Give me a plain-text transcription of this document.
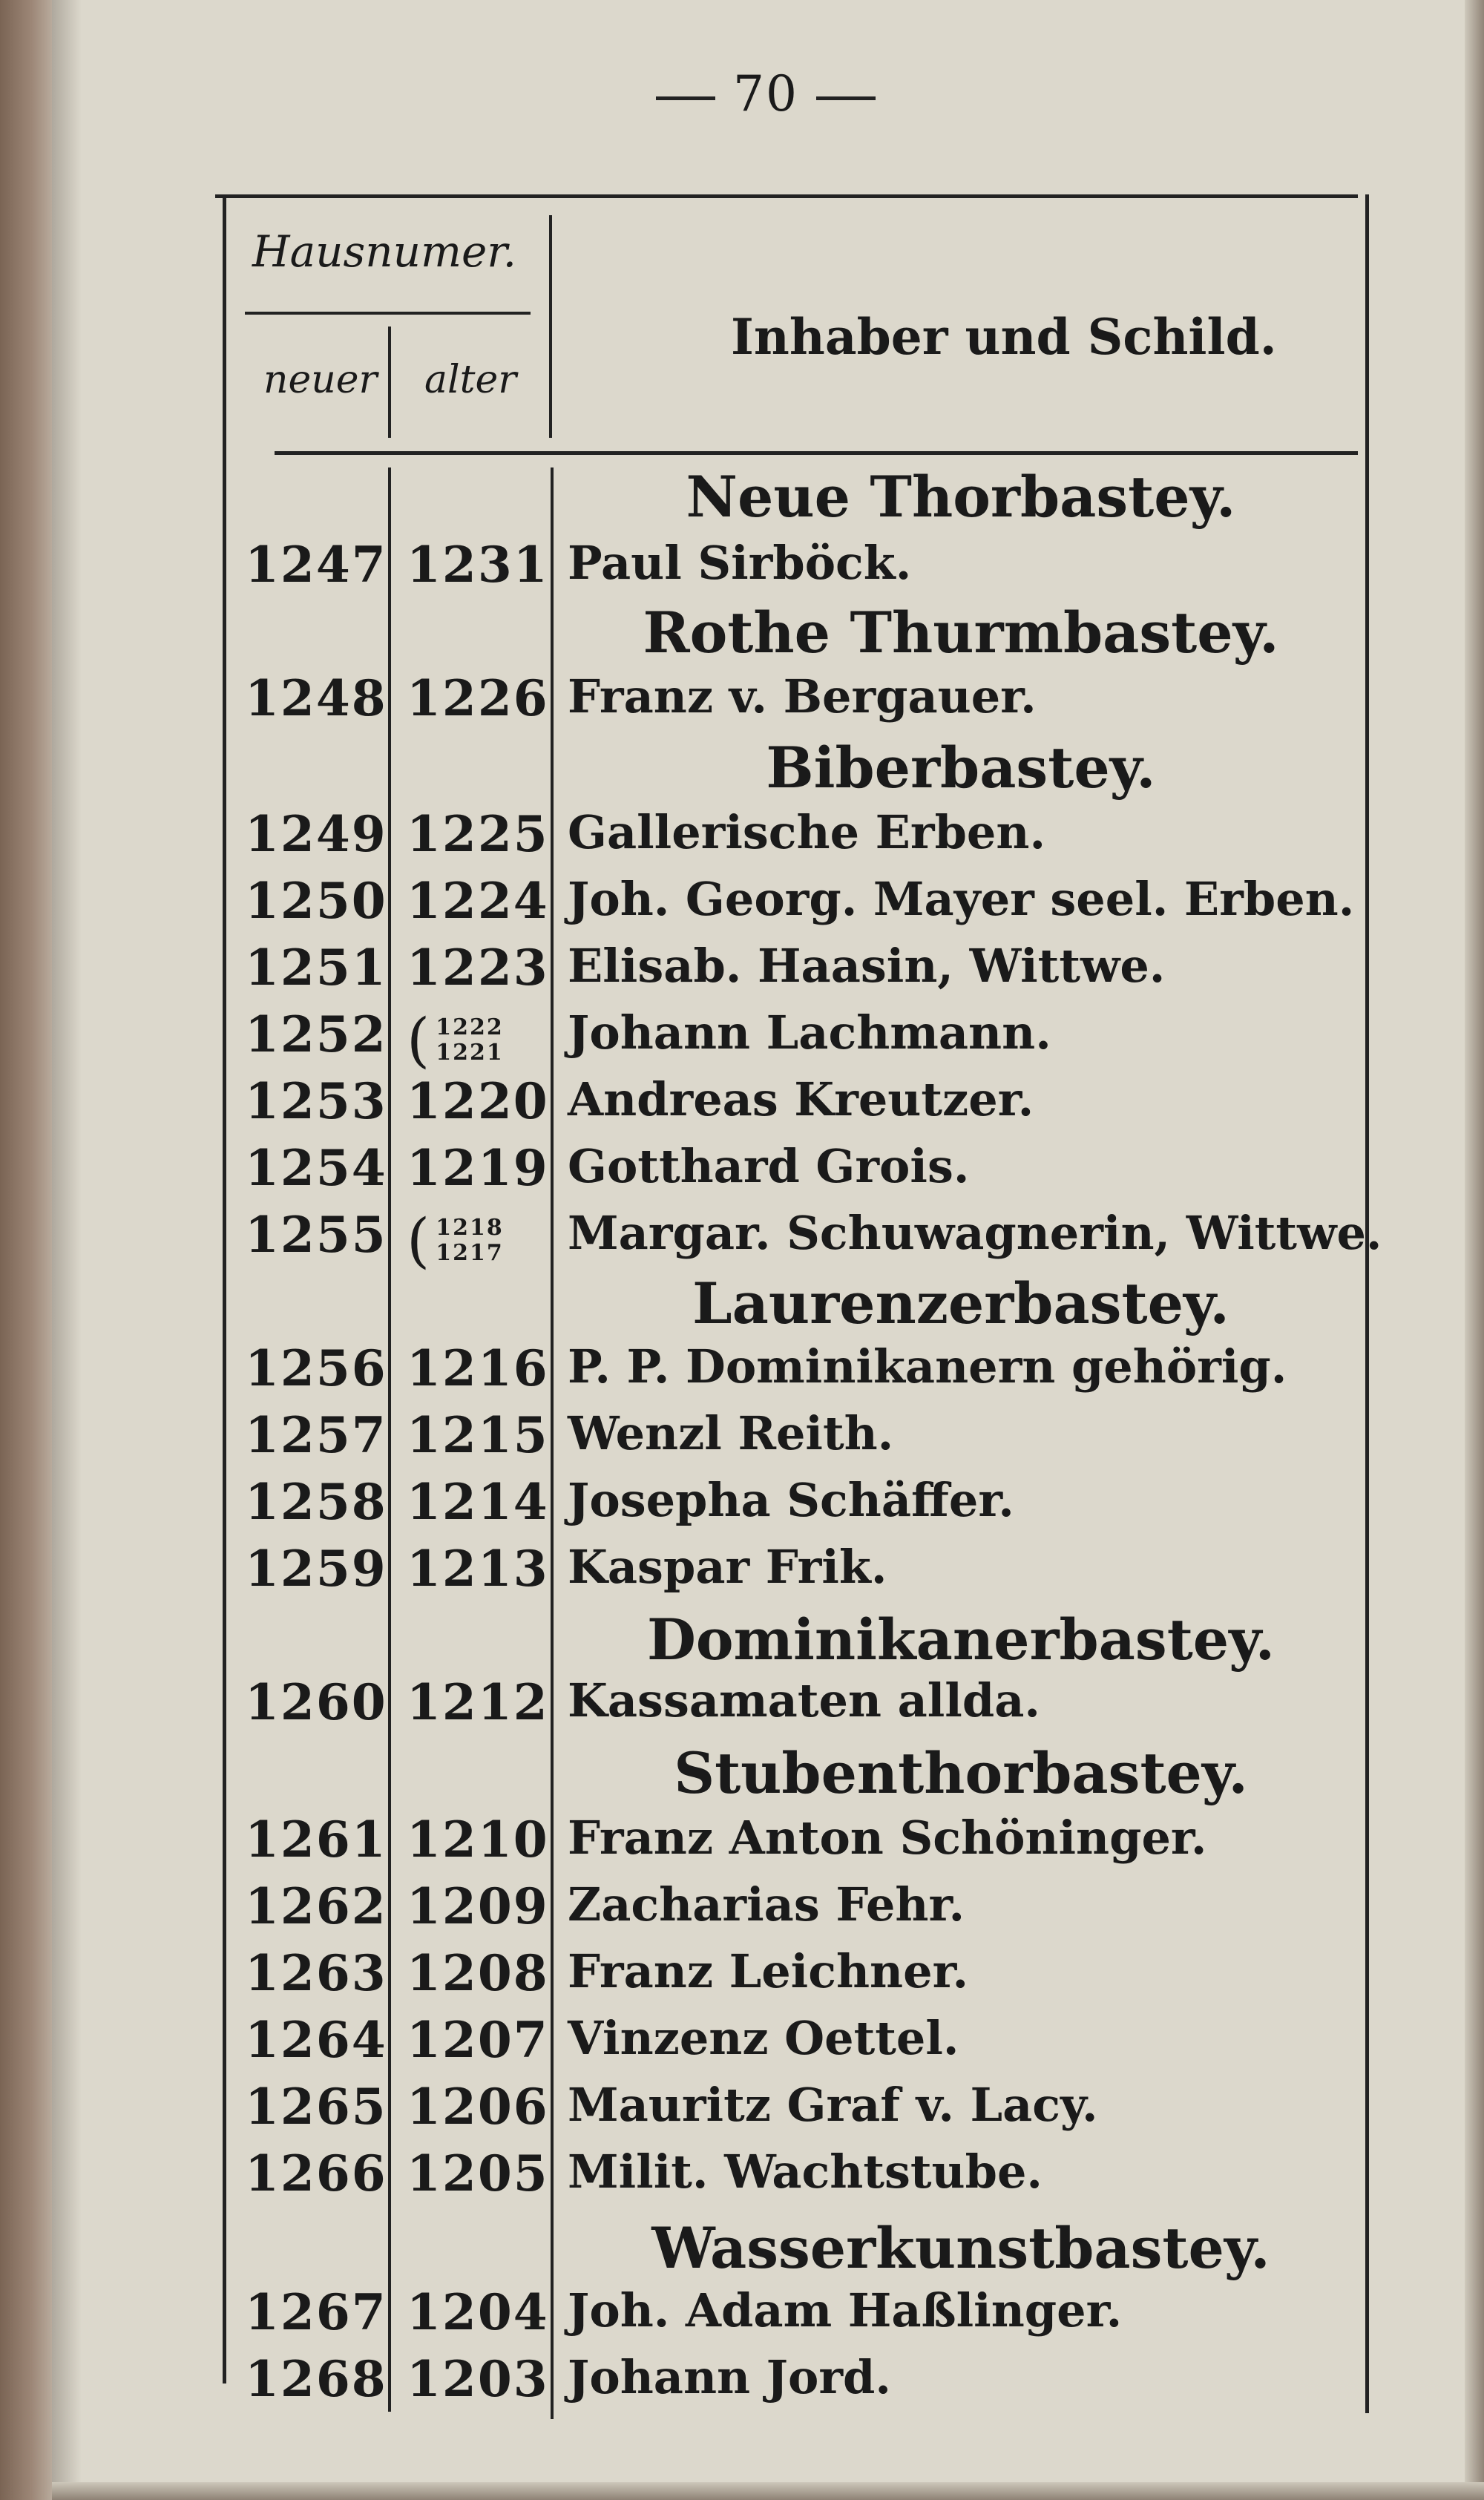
70
Hausnumer.
neuer alter
Inhaber und Schild.
Neue Thorbastey.
1247 1231 Paul Sirböck.
Rothe Thurmbastey.
1248 1226 Franz v. Bergauer.
Biberbastey.
1249 1225 Gallerische Erben.
1250 1224 Joh. Georg. Mayer seel. Erben.
1251 1223 Elisab. Haasin, Wittwe.
1252 ( 1222
1221	Johann Lachmann.
1253 1220 Andreas Kreutzer.
1254 1219 Gotthard Grois.
1255 ( 1218
1217	Margar. Schuwagnerin, Wittwe.
Laurenzerbastey.
1256 1216 P. P. Dominikanern gehörig.
1257 1215 Wenzl Reith.
1258 1214 Josepha Schäffer.
1259 1213 Kaspar Frik.
Dominikanerbastey.
1260 1212 Kassamaten allda.
Stubenthorbastey.
1261 1210 Franz Anton Schöninger.
1262 1209 Zacharias Fehr.
1263 1208 Franz Leichner.
1264 1207 Vinzenz Oettel.
1265 1206 Mauritz Graf v. Lacy.
1266 1205 Milit. Wachtstube.
Wasserkunstbastey.
1267 1204 Joh. Adam Haßlinger.
1268 1203 Johann Jord.
